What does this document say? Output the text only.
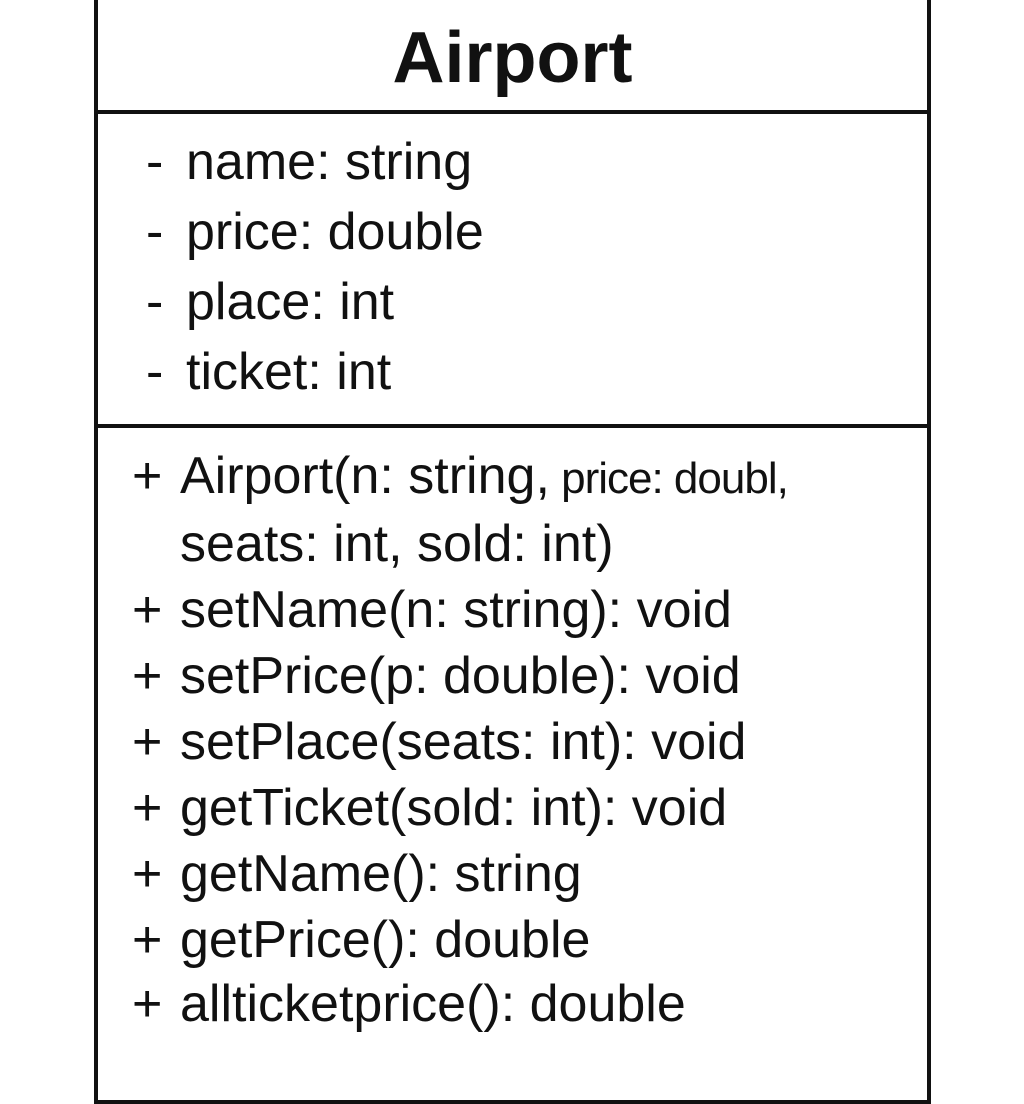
Airport
- name: string
- price: double
- place: int
- ticket: int
+ Airport(n: string, price: doubl,
seats: int, sold: int)
+ setName(n: string): void
+ setPrice(p: double): void
+ setPlace(seats: int): void
+ getTicket(sold: int): void
+ getName(): string
+ getPrice(): double
+ allticketprice(): double
